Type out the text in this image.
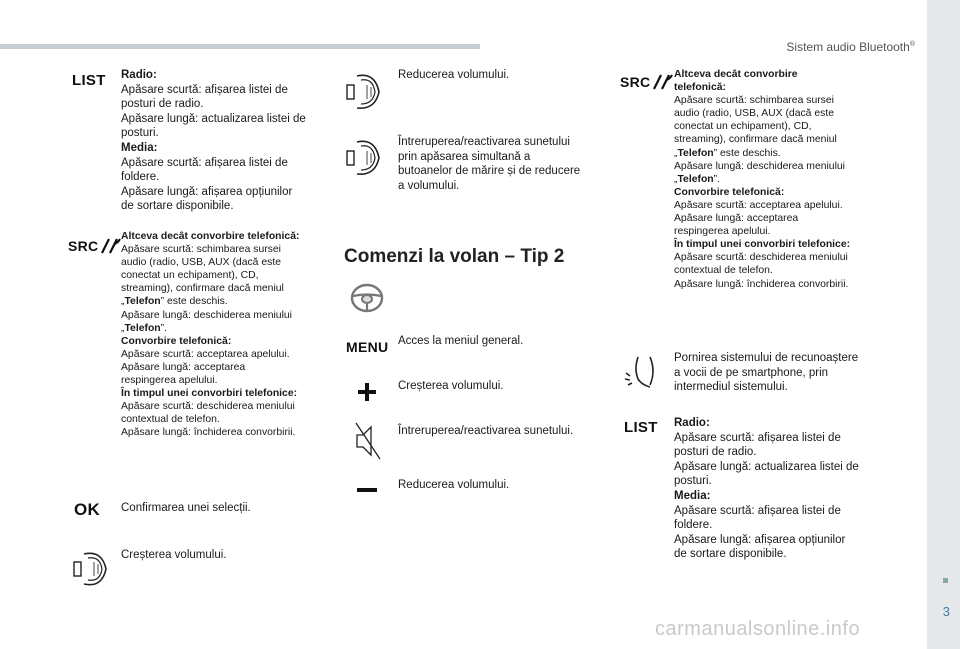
Sistem audio Bluetooth®
3
carmanualsonline.info
LIST Radio:
Apăsare scurtă: afișarea listei de
posturi de radio.
Apăsare lungă: actualizarea listei de
posturi.
Media:
Apăsare scurtă: afișarea listei de
foldere.
Apăsare lungă: afișarea opțiunilor
de sortare disponibile.
SRC
Altceva decât convorbire telefonică:
Apăsare scurtă: schimbarea sursei
audio (radio, USB, AUX (dacă este
conectat un echipament), CD,
streaming), confirmare dacă meniul
„Telefon” este deschis.
Apăsare lungă: deschiderea meniului
„Telefon”.
Convorbire telefonică:
Apăsare scurtă: acceptarea apelului.
Apăsare lungă: acceptarea
respingerea apelului.
În timpul unei convorbiri telefonice:
Apăsare scurtă: deschiderea meniului
contextual de telefon.
Apăsare lungă: închiderea convorbirii.
OK Confirmarea unei selecții.
Creșterea volumului.
Reducerea volumului.
Întreruperea/reactivarea sunetului
prin apăsarea simultană a
butoanelor de mărire și de reducere
a volumului.
Comenzi la volan – Tip 2
MENU Acces la meniul general.
Creșterea volumului.
Întreruperea/reactivarea sunetului.
Reducerea volumului.
SRC Altceva decât convorbire
telefonică:
Apăsare scurtă: schimbarea sursei
audio (radio, USB, AUX (dacă este
conectat un echipament), CD,
streaming), confirmare dacă meniul
„Telefon” este deschis.
Apăsare lungă: deschiderea meniului
„Telefon”.
Convorbire telefonică:
Apăsare scurtă: acceptarea apelului.
Apăsare lungă: acceptarea
respingerea apelului.
În timpul unei convorbiri telefonice:
Apăsare scurtă: deschiderea meniului
contextual de telefon.
Apăsare lungă: închiderea convorbirii.
Pornirea sistemului de recunoaștere
a vocii de pe smartphone, prin
intermediul sistemului.
LIST Radio:
Apăsare scurtă: afișarea listei de
posturi de radio.
Apăsare lungă: actualizarea listei de
posturi.
Media:
Apăsare scurtă: afișarea listei de
foldere.
Apăsare lungă: afișarea opțiunilor
de sortare disponibile.
